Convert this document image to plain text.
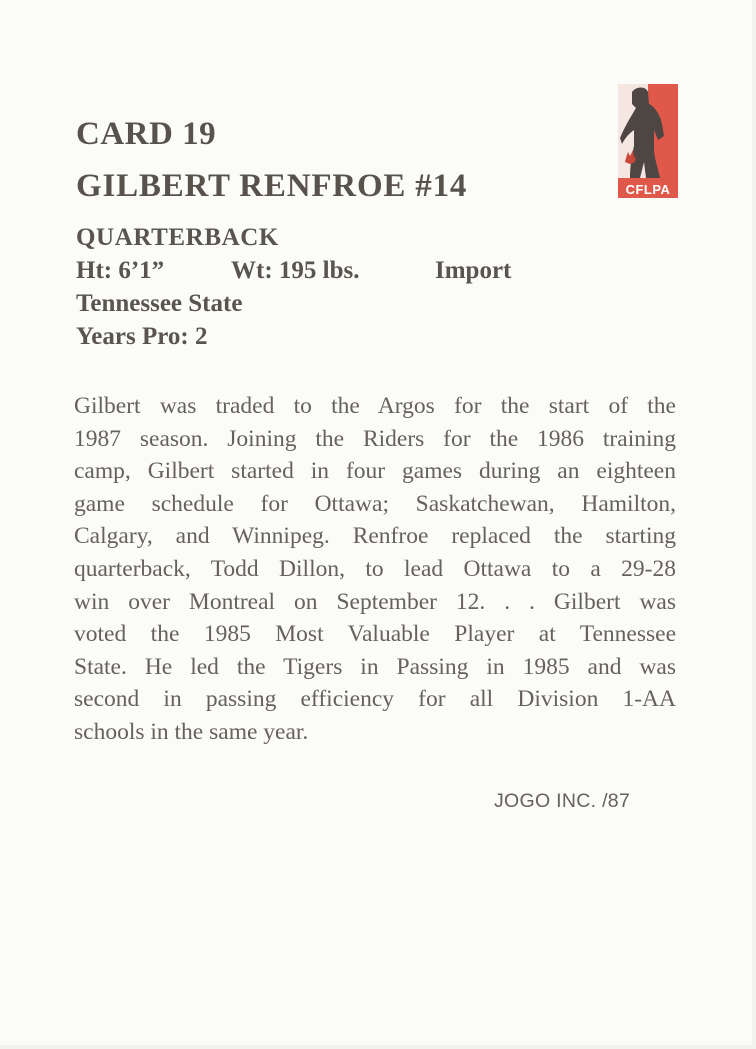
CFLPA
CARD 19
GILBERT RENFROE #14
QUARTERBACK
Ht: 6’1”	Wt: 195 lbs.	Import
Tennessee State
Years Pro: 2
Gilbert was traded to the Argos for the start of the
1987 season. Joining the Riders for the 1986 training
camp, Gilbert started in four games during an eighteen
game schedule for Ottawa; Saskatchewan, Hamilton,
Calgary, and Winnipeg. Renfroe replaced the starting
quarterback, Todd Dillon, to lead Ottawa to a 29-28
win over Montreal on September 12. . . Gilbert was
voted the 1985 Most Valuable Player at Tennessee
State. He led the Tigers in Passing in 1985 and was
second in passing efficiency for all Division 1-AA
schools in the same year.
JOGO INC. /87
